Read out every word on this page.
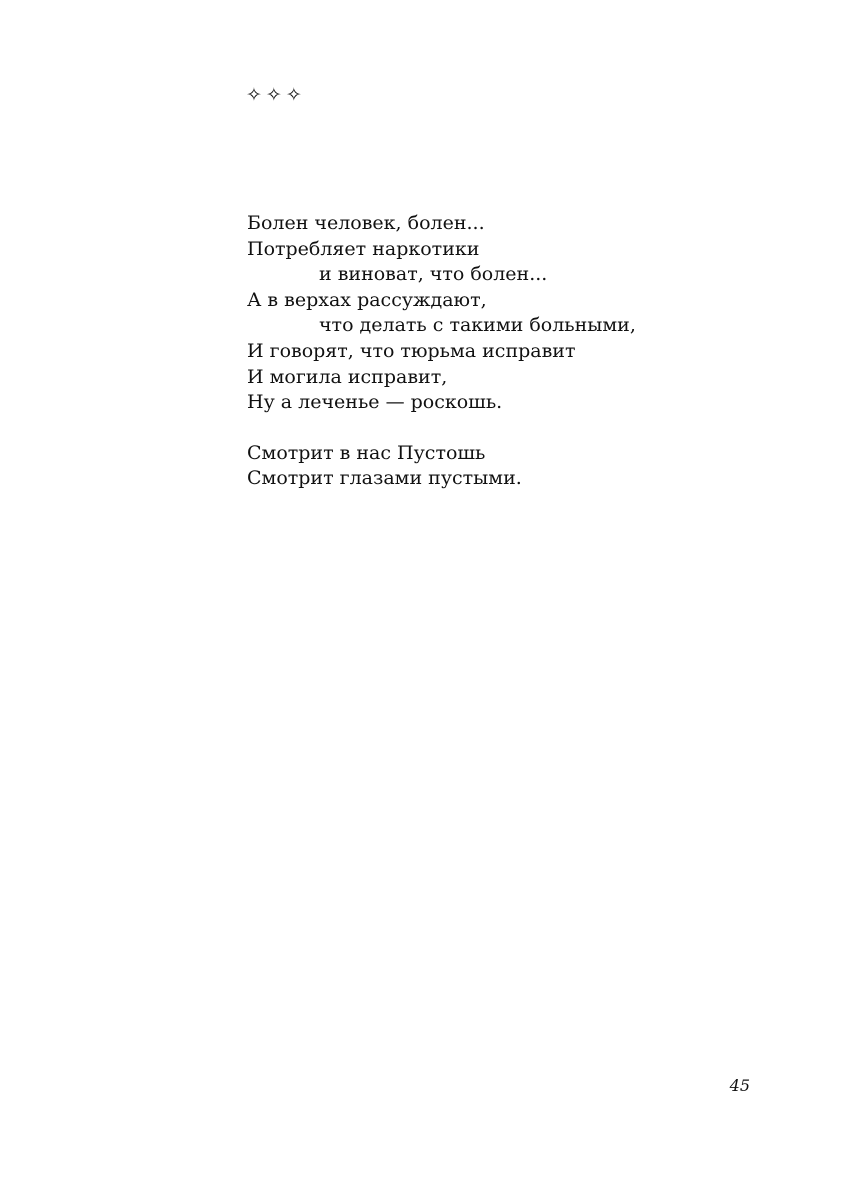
✧✧✧
Болен человек, болен...
Потребляет наркотики
и виноват, что болен...
А в верхах рассуждают,
что делать с такими больными,
И говорят, что тюрьма исправит
И могила исправит,
Ну а леченье — роскошь.
Смотрит в нас Пустошь
Смотрит глазами пустыми.
45
